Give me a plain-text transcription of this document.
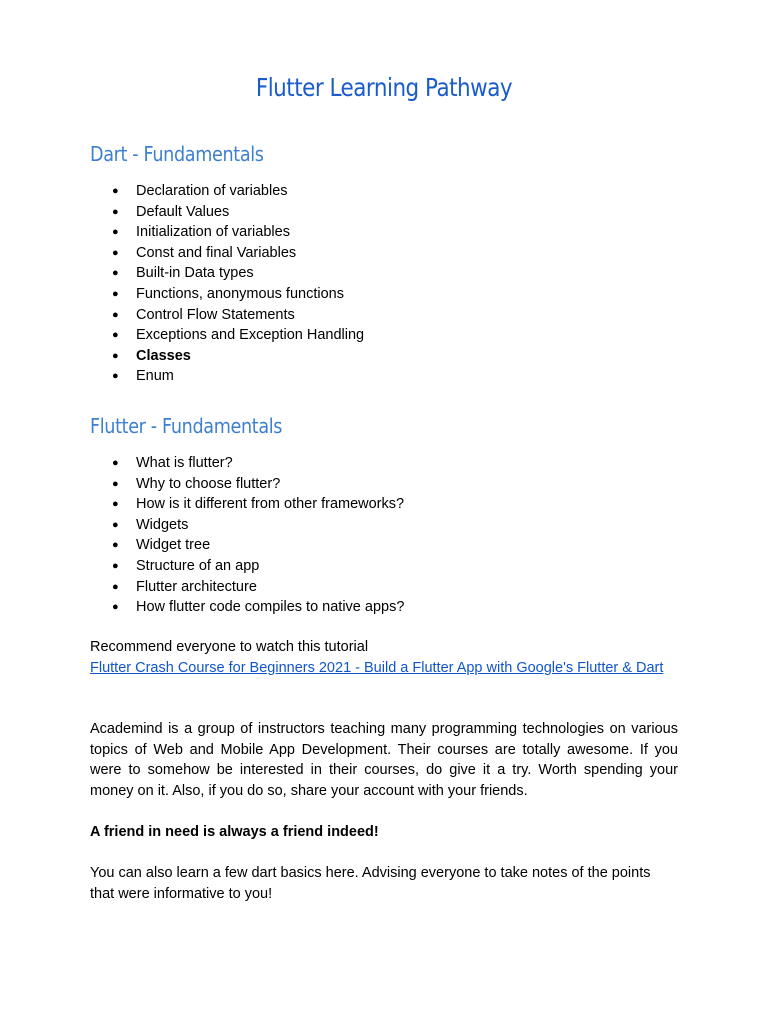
Flutter Learning Pathway
Dart - Fundamentals
● Declaration of variables
● Default Values
● Initialization of variables
● Const and final Variables
● Built-in Data types
● Functions, anonymous functions
● Control Flow Statements
● Exceptions and Exception Handling
● Classes
● Enum
Flutter - Fundamentals
● What is flutter?
● Why to choose flutter?
● How is it different from other frameworks?
● Widgets
● Widget tree
● Structure of an app
● Flutter architecture
● How flutter code compiles to native apps?

Recommend everyone to watch this tutorial

Flutter Crash Course for Beginners 2021 - Build a Flutter App with Google's Flutter & Dart

Academind is a group of instructors teaching many programming technologies on various topics of Web and Mobile App Development. Their courses are totally awesome. If you were to somehow be interested in their courses, do give it a try. Worth spending your money on it. Also, if you do so, share your account with your friends.

A friend in need is always a friend indeed!

You can also learn a few dart basics here. Advising everyone to take notes of the points that were informative to you!
